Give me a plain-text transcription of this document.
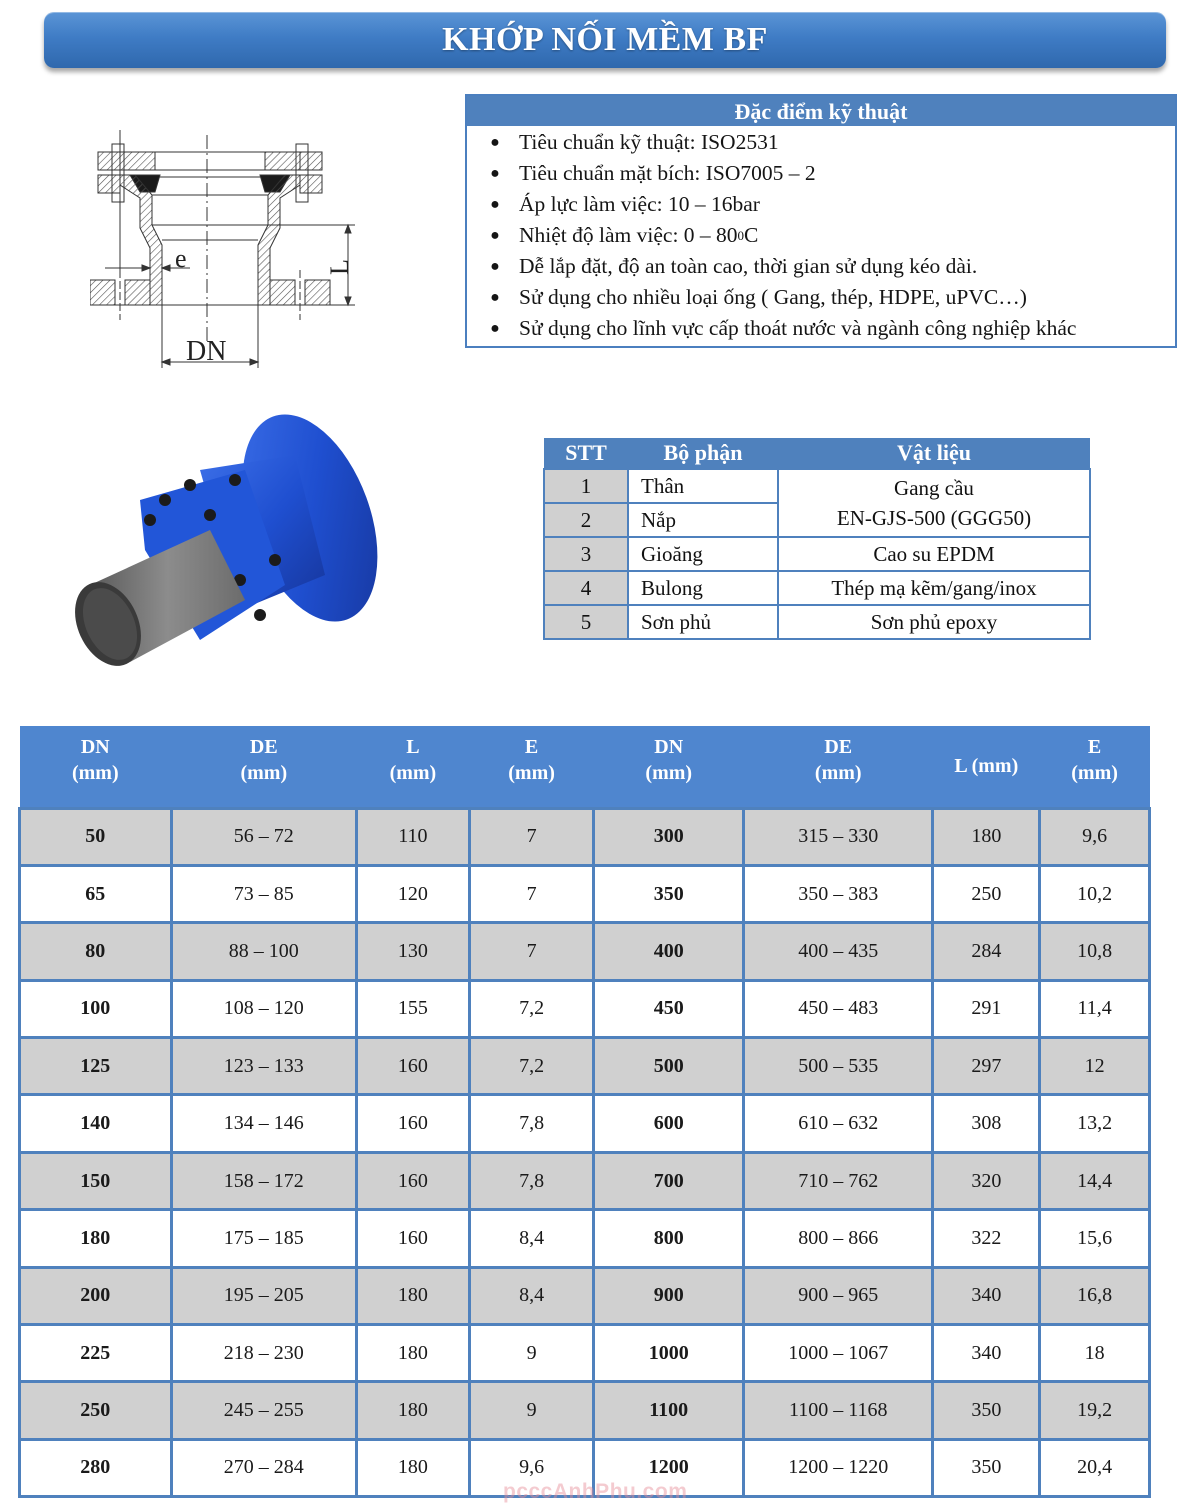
KHỚP NỐI MỀM BF
e	L
DN
Đặc điểm kỹ thuật
● Tiêu chuẩn kỹ thuật: ISO2531
● Tiêu chuẩn mặt bích: ISO7005 – 2
● Áp lực làm việc: 10 – 16bar
● Nhiệt độ làm việc: 0 – 80 0 C
● Dễ lắp đặt, độ an toàn cao, thời gian sử dụng kéo dài.
● Sử dụng cho nhiều loại ống ( Gang, thép, HDPE, uPVC…)
● Sử dụng cho lĩnh vực cấp thoát nước và ngành công nghiệp khác
STT	Bộ phận	Vật liệu
1	Thân	Gang cầu
EN-GJS-500 (GGG50)

2	Nắp	
3	Gioăng	Cao su EPDM
4	Bulong	Thép mạ kẽm/gang/inox
5	Sơn phủ	Sơn phủ epoxy
DN
(mm)

DE
(mm)

L
(mm)

E
(mm)

DN
(mm)

DE
(mm)	L (mm)

E
(mm)

50	56 – 72	110	7	300	315 – 330	180	9,6
65	73 – 85	120	7	350	350 – 383	250	10,2
80	88 – 100	130	7	400	400 – 435	284	10,8
100	108 – 120	155	7,2	450	450 – 483	291	11,4
125	123 – 133	160	7,2	500	500 – 535	297	12
140	134 – 146	160	7,8	600	610 – 632	308	13,2
150	158 – 172	160	7,8	700	710 – 762	320	14,4
180	175 – 185	160	8,4	800	800 – 866	322	15,6
200	195 – 205	180	8,4	900	900 – 965	340	16,8
225	218 – 230	180	9	1000	1000 – 1067	340	18
250	245 – 255	180	9	1100	1100 – 1168	350	19,2
280	270 – 284	180	9,6	1200	1200 – 1220	350	20,4
pcccAnhPhu.com
